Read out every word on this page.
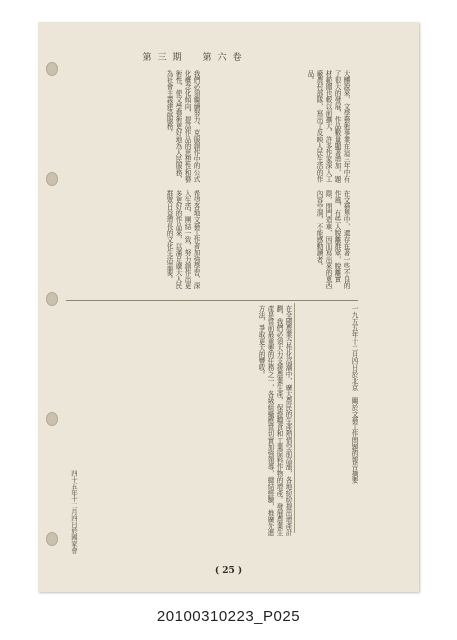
第三期　第六卷
大體說來，文學藝術事業在這三年中有了很大的發展，作品數量顯著增加，題材範圍也較以前擴大，許多作家深入工廠農村部隊，寫出了反映人民生活的作品。
我們必須繼續努力，克服創作中的公式化概念化傾向，提高作品的思想性和藝術性，使文學藝術更好地為人民服務，為社會主義建設服務。
在文藝界中，還存在著一些不良的作風，有些人脫離群眾，脫離實際，閉門造車，因而寫出來的東西內容空洞，不能感動讀者。
希望各地文藝工作者加強學習，深入生活，團結一致，努力創作出更多更好的作品來，以滿足廣大人民群眾日益增長的文化生活需要。
在全國農業合作化高潮中，廣大農民的生產熱情空前高漲，各地紛紛提出增產計劃，我們必須大力支援農業生產，保證糧食和工業原料作物的增產。發展農業生產是當前最重要的任務之一，各級組織應當切實加強領導，總結經驗，推廣先進方法，爭取更大的豐收。	一九五五年十二月四日於北京　關於文藝工作問題的報告摘要
四十五年十二月四日於國家會
( 25 )
20100310223_P025
